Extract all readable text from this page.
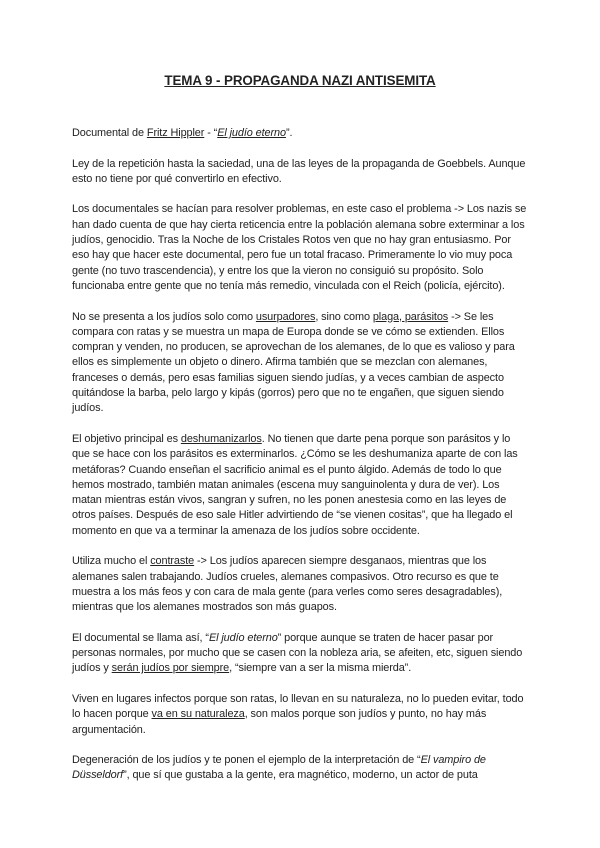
TEMA 9 - PROPAGANDA NAZI ANTISEMITA

Documental de Fritz Hippler - “El judío eterno”.

Ley de la repetición hasta la saciedad, una de las leyes de la propaganda de Goebbels. Aunque esto no tiene por qué convertirlo en efectivo.

Los documentales se hacían para resolver problemas, en este caso el problema -> Los nazis se han dado cuenta de que hay cierta reticencia entre la población alemana sobre exterminar a los judíos, genocidio. Tras la Noche de los Cristales Rotos ven que no hay gran entusiasmo. Por eso hay que hacer este documental, pero fue un total fracaso. Primeramente lo vio muy poca gente (no tuvo trascendencia), y entre los que la vieron no consiguió su propósito. Solo funcionaba entre gente que no tenía más remedio, vinculada con el Reich (policía, ejército).

No se presenta a los judíos solo como usurpadores, sino como plaga, parásitos -> Se les compara con ratas y se muestra un mapa de Europa donde se ve cómo se extienden. Ellos compran y venden, no producen, se aprovechan de los alemanes, de lo que es valioso y para ellos es simplemente un objeto o dinero. Afirma también que se mezclan con alemanes, franceses o demás, pero esas familias siguen siendo judías, y a veces cambian de aspecto quitándose la barba, pelo largo y kipás (gorros) pero que no te engañen, que siguen siendo judíos.

El objetivo principal es deshumanizarlos. No tienen que darte pena porque son parásitos y lo que se hace con los parásitos es exterminarlos. ¿Cómo se les deshumaniza aparte de con las metáforas? Cuando enseñan el sacrificio animal es el punto álgido. Además de todo lo que hemos mostrado, también matan animales (escena muy sanguinolenta y dura de ver). Los matan mientras están vivos, sangran y sufren, no les ponen anestesia como en las leyes de otros países. Después de eso sale Hitler advirtiendo de “se vienen cositas”, que ha llegado el momento en que va a terminar la amenaza de los judíos sobre occidente.

Utiliza mucho el contraste -> Los judíos aparecen siempre desganaos, mientras que los alemanes salen trabajando. Judíos crueles, alemanes compasivos. Otro recurso es que te muestra a los más feos y con cara de mala gente (para verles como seres desagradables), mientras que los alemanes mostrados son más guapos.

El documental se llama así, “El judío eterno” porque aunque se traten de hacer pasar por personas normales, por mucho que se casen con la nobleza aria, se afeiten, etc, siguen siendo judíos y serán judíos por siempre, “siempre van a ser la misma mierda”.

Viven en lugares infectos porque son ratas, lo llevan en su naturaleza, no lo pueden evitar, todo lo hacen porque va en su naturaleza, son malos porque son judíos y punto, no hay más argumentación.

Degeneración de los judíos y te ponen el ejemplo de la interpretación de “El vampiro de Düsseldorf”, que sí que gustaba a la gente, era magnético, moderno, un actor de puta
